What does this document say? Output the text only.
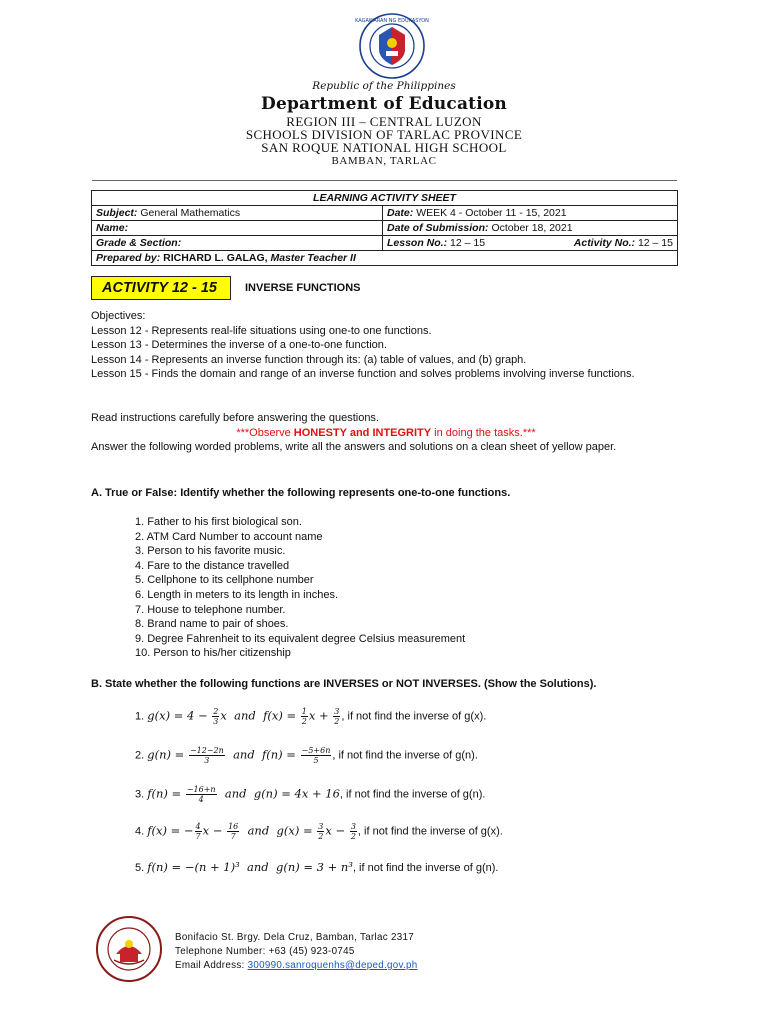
KAGAWARAN NG EDUKASYON
Republic of the Philippines
Department of Education
REGION III – CENTRAL LUZON
SCHOOLS DIVISION OF TARLAC PROVINCE
SAN ROQUE NATIONAL HIGH SCHOOL
BAMBAN, TARLAC
LEARNING ACTIVITY SHEET	
Subject: General Mathematics	Date: WEEK 4 - October 11 - 15, 2021
Name:	Date of Submission: October 18, 2021
Grade & Section:	Lesson No.: 12 – 15 Activity No.: 12 – 15

Prepared by: RICHARD L. GALAG, Master Teacher II	
ACTIVITY 12 - 15	INVERSE FUNCTIONS

Objectives:

Lesson 12 - Represents real-life situations using one-to one functions.

Lesson 13 - Determines the inverse of a one-to-one function.

Lesson 14 - Represents an inverse function through its: (a) table of values, and (b) graph.

Lesson 15 - Finds the domain and range of an inverse function and solves problems involving inverse functions.

Read instructions carefully before answering the questions.

***Observe HONESTY and INTEGRITY in doing the tasks.***

Answer the following worded problems, write all the answers and solutions on a clean sheet of yellow paper.

A. True or False: Identify whether the following represents one-to-one functions.
1. Father to his first biological son.
2. ATM Card Number to account name
3. Person to his favorite music.
4. Fare to the distance travelled
5. Cellphone to its cellphone number
6. Length in meters to its length in inches.
7. House to telephone number.
8. Brand name to pair of shoes.
9. Degree Fahrenheit to its equivalent degree Celsius measurement
10. Person to his/her citizenship
B. State whether the following functions are INVERSES or NOT INVERSES. (Show the Solutions).
1. $g(x) = 4 - \frac{2}{3}$ x  and  $f(x) = \frac{1}{2}$ $x + \frac{3}{2}$ , if not find the inverse of g(x).
2. $g(n) = \frac{-12-2n}{3}$ and  $f(n) = \frac{-5+6n}{5}$ , if not find the inverse of g(n).
3. $f(n) = \frac{-16+n}{4}$ and  g(n) = 4x + 16, if not find the inverse of g(n).
4. f(x) = − $\frac{4}{7}$ $x - \frac{16}{7}$ and  $g(x) = \frac{3}{2}$ $x - \frac{3}{2}$ , if not find the inverse of g(x).
5. f(n) = −(n + 1)³  and  g(n) = 3 + n³, if not find the inverse of g(n).
Bonifacio St. Brgy. Dela Cruz, Bamban, Tarlac 2317
Telephone Number: +63 (45) 923-0745
Email Address: 300990.sanroquenhs@deped.gov.ph
